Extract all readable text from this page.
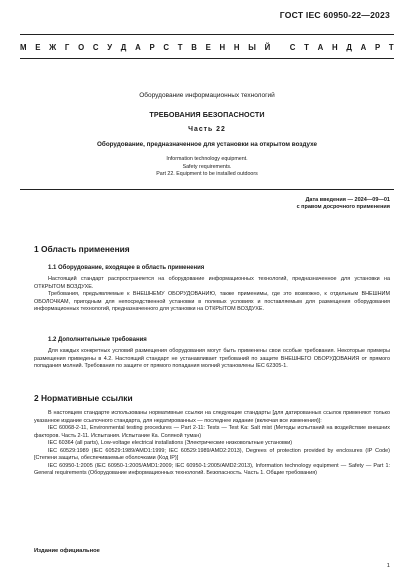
ГОСТ IEC 60950-22—2023
М Е Ж Г О С У Д А Р С Т В Е Н Н Ы Й
	С Т А Н Д А Р Т
Оборудование информационных технологий
ТРЕБОВАНИЯ БЕЗОПАСНОСТИ
Часть 22
Оборудование, предназначенное для установки на открытом воздухе
Information technology equipment.
Safety requirements.
Part 22. Equipment to be installed outdoors
Дата введения — 2024—09—01
с правом досрочного применения
1 Область применения
1.1 Оборудование, входящее в область применения

Настоящий стандарт распространяется на оборудование информационных технологий, предназначенное для установки на ОТКРЫТОМ ВОЗДУХЕ.

Требования, предъявляемые к ВНЕШНЕМУ ОБОРУДОВАНИЮ, также применимы, где это возможно, к отдельным ВНЕШНИМ ОБОЛОЧКАМ, пригодным для непосредственной установки в полевых условиях и поставляемым для размещения оборудования информационных технологий, предназначенного для установки на ОТКРЫТОМ ВОЗДУХЕ.

1.2 Дополнительные требования

Для каждых конкретных условий размещения оборудования могут быть применены свои особые требования. Некоторые примеры размещения приведены в 4.2. Настоящий стандарт не устанавливает требований по защите ВНЕШНЕГО ОБОРУДОВАНИЯ от прямого попадания молний. Требования по защите от прямого попадания молний установлены IEC 62305-1.

2 Нормативные ссылки

В настоящем стандарте использованы нормативные ссылки на следующие стандарты [для датированных ссылок применяют только указанное издание ссылочного стандарта, для недатированных — последнее издание (включая все изменения)]:

IEC 60068-2-11, Environmental testing procedures — Part 2-11: Tests — Test Ka: Salt mist (Методы испытаний на воздействие внешних факторов. Часть 2-11. Испытания. Испытание Ка. Соляной туман)

IEC 60364 (all parts), Low-voltage electrical installations (Электрические низковольтные установки)

IEC 60529:1989 (IEC 60529:1989/AMD1:1999; IEC 60529:1989/AMD2:2013), Degrees of protection provided by enclosures (IP Code) [Степени защиты, обеспечиваемые оболочками (Код IP)]

IEC 60950-1:2005 (IEC 60950-1:2005/AMD1:2009; IEC 60950-1:2005/AMD2:2013), Information technology equipment — Safety — Part 1: General requirements (Оборудование информационных технологий. Безопасность. Часть 1. Общие требования)

Издание официальное
1
